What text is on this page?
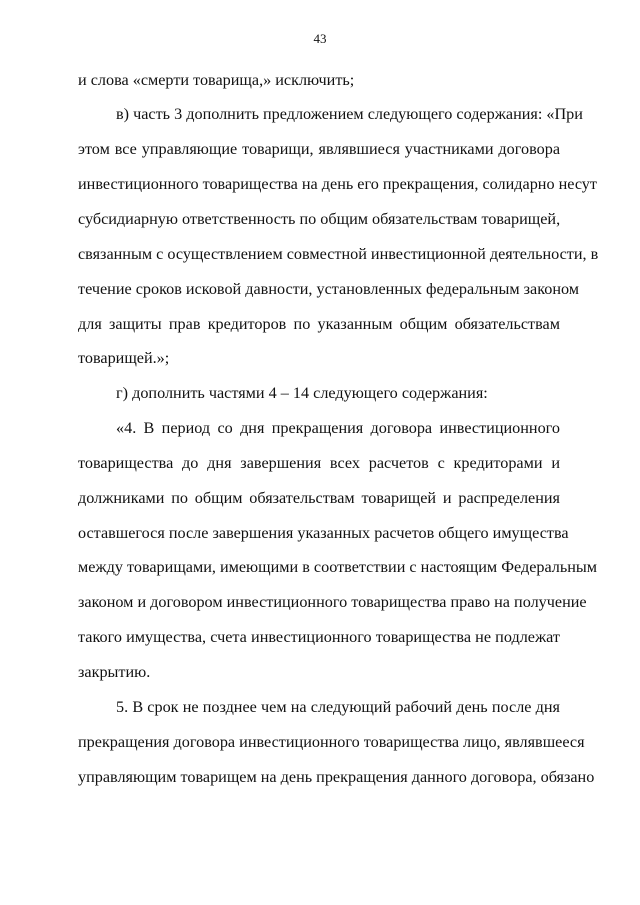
43
и слова «смерти товарища,» исключить;
в) часть 3 дополнить предложением следующего содержания: «При
этом все управляющие товарищи, являвшиеся участниками договора
инвестиционного товарищества на день его прекращения, солидарно несут
субсидиарную ответственность по общим обязательствам товарищей,
связанным с осуществлением совместной инвестиционной деятельности, в
течение сроков исковой давности, установленных федеральным законом
для защиты прав кредиторов по указанным общим обязательствам
товарищей.»;
г) дополнить частями 4 – 14 следующего содержания:
«4. В период со дня прекращения договора инвестиционного
товарищества до дня завершения всех расчетов с кредиторами и
должниками по общим обязательствам товарищей и распределения
оставшегося после завершения указанных расчетов общего имущества
между товарищами, имеющими в соответствии с настоящим Федеральным
законом и договором инвестиционного товарищества право на получение
такого имущества, счета инвестиционного товарищества не подлежат
закрытию.
5. В срок не позднее чем на следующий рабочий день после дня
прекращения договора инвестиционного товарищества лицо, являвшееся
управляющим товарищем на день прекращения данного договора, обязано
